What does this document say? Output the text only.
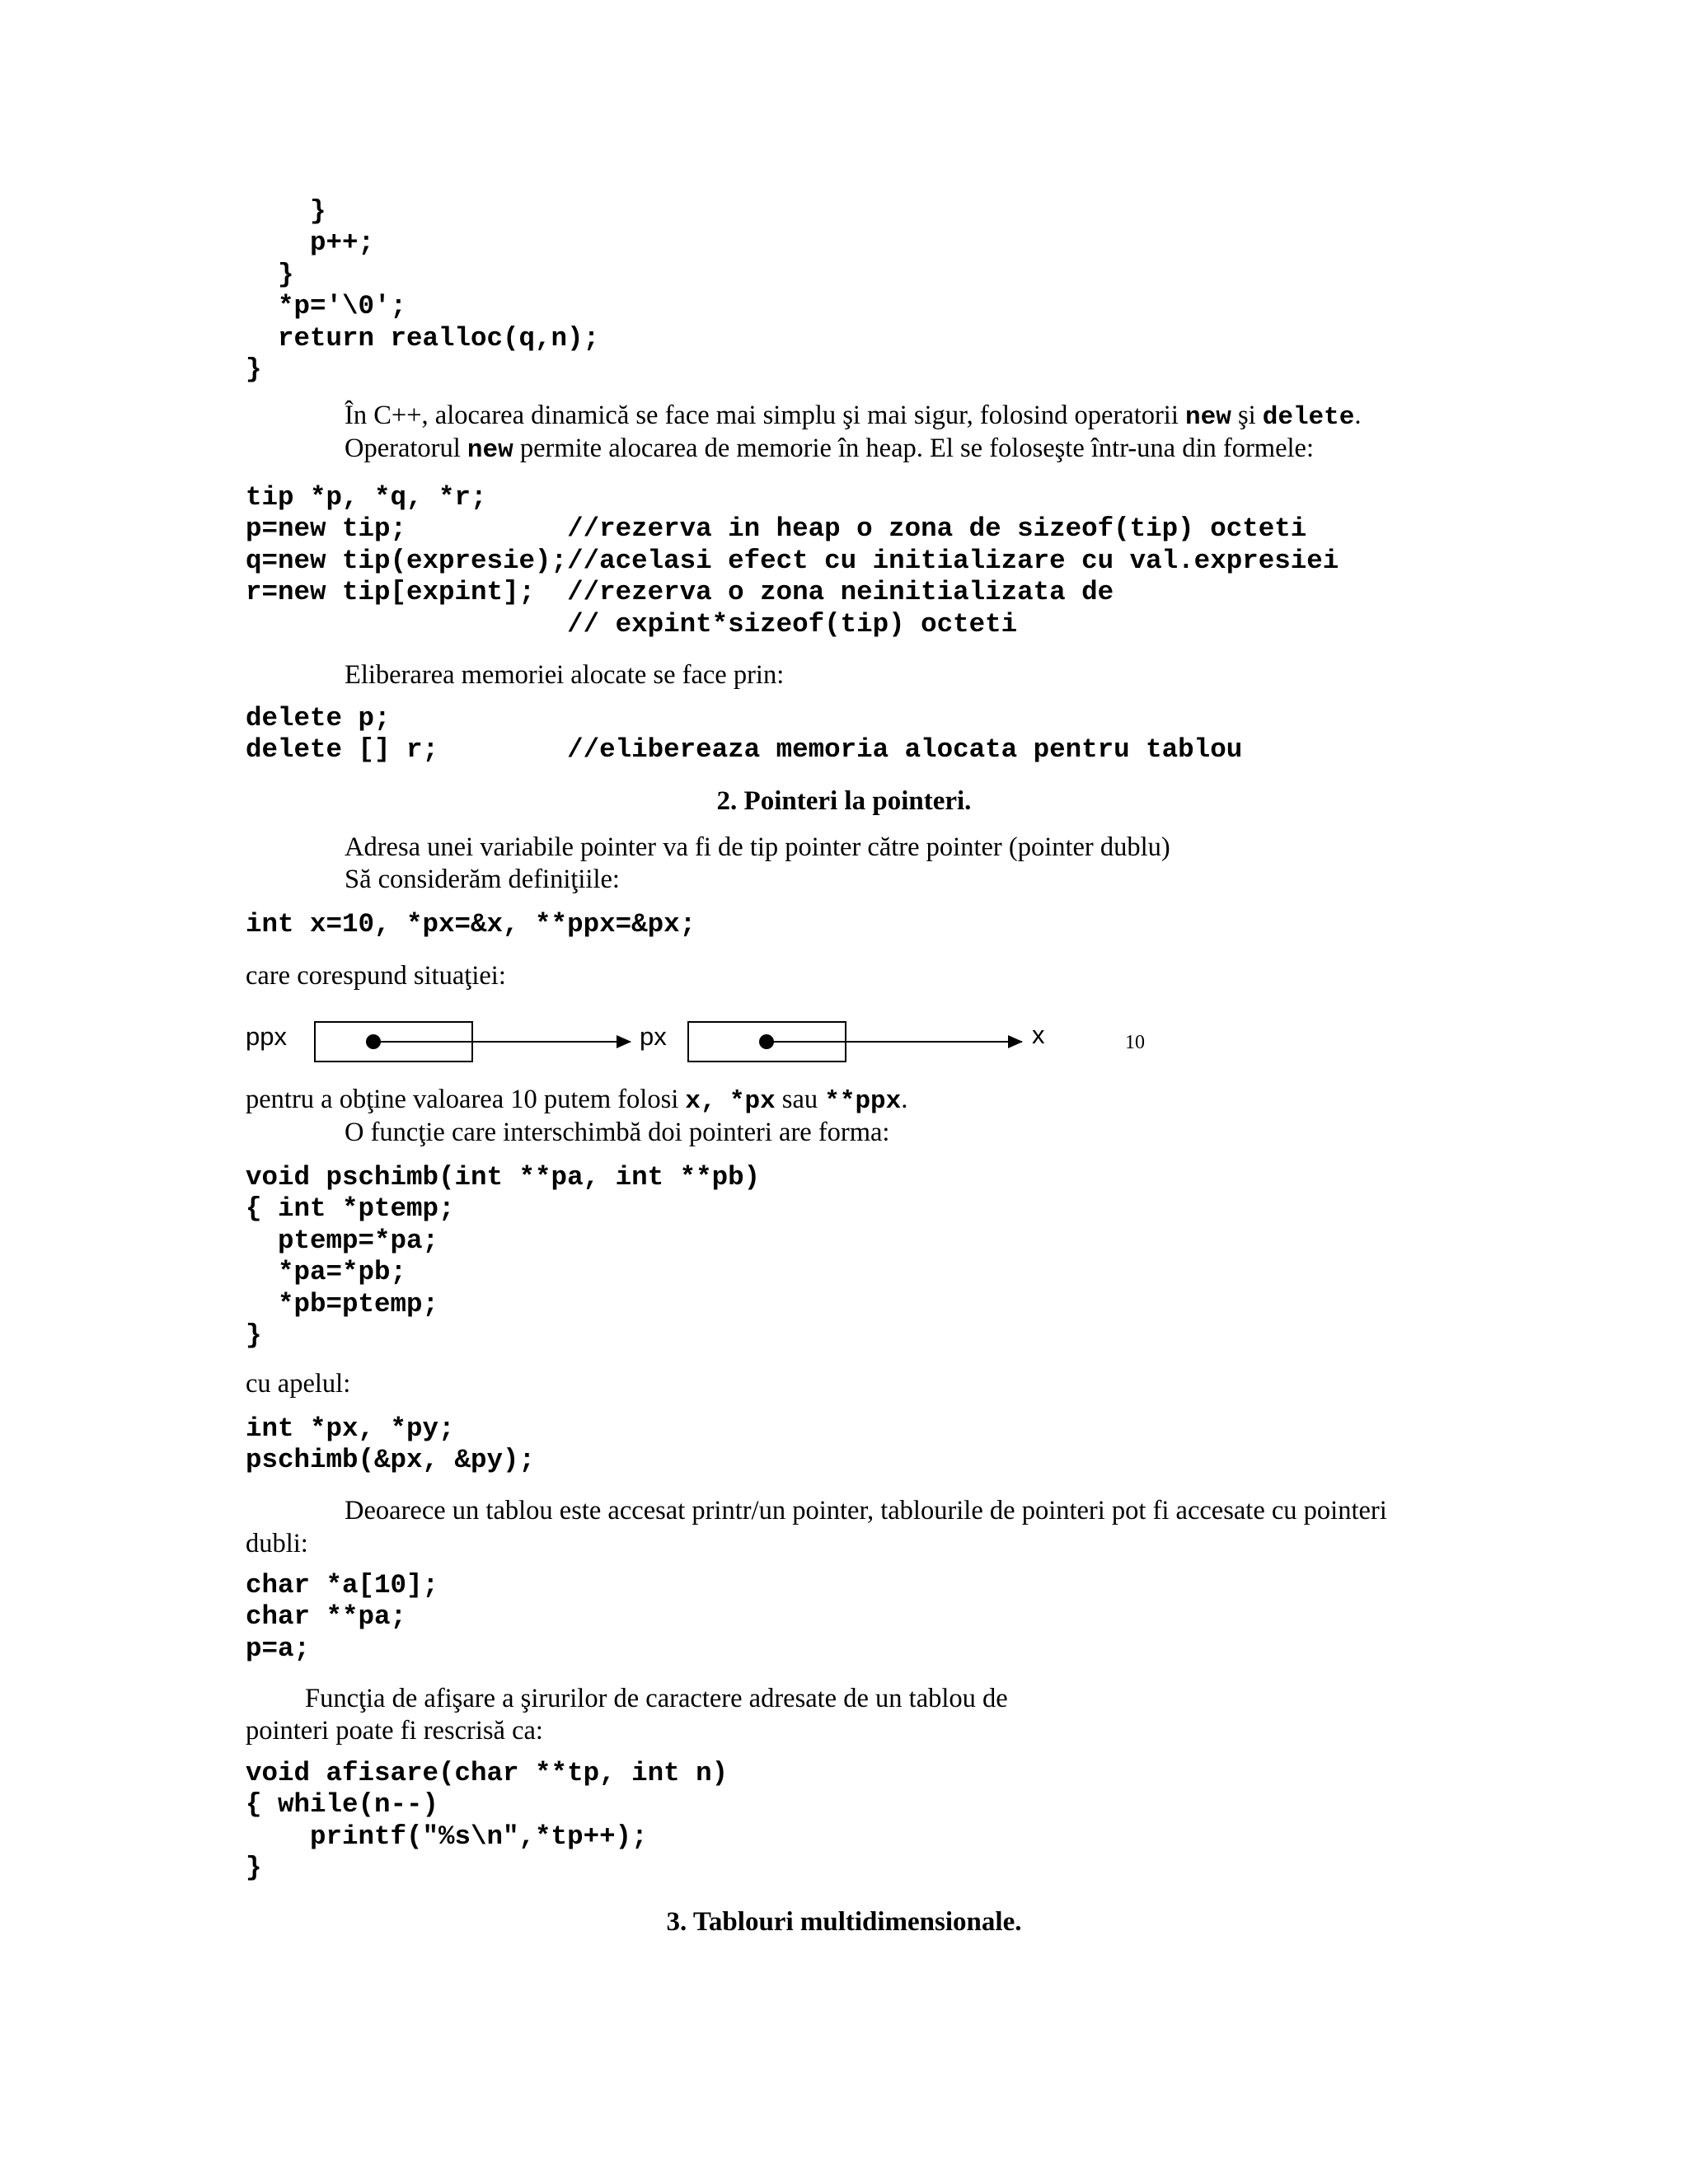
}
p++;
}
*p='\0';
return realloc(q,n);
}

În C++, alocarea dinamică se face mai simplu şi mai sigur, folosind operatorii new şi delete.

Operatorul new permite alocarea de memorie în heap. El se foloseşte într-una din formele:

tip *p, *q, *r;
p=new tip;          //rezerva in heap o zona de sizeof(tip) octeti
q=new tip(expresie);//acelasi efect cu initializare cu val.expresiei
r=new tip[expint];  //rezerva o zona neinitializata de
// expint*sizeof(tip) octeti

Eliberarea memoriei alocate se face prin:

delete p;
delete [] r;        //elibereaza memoria alocata pentru tablou

2. Pointeri la pointeri.

Adresa unei variabile pointer va fi de tip pointer către pointer (pointer dublu)

Să considerăm definiţiile:

int x=10, *px=&x, **ppx=&px;

care corespund situaţiei:

ppx	px	x	10

pentru a obţine valoarea 10 putem folosi x, *px sau **ppx.

O funcţie care interschimbă doi pointeri are forma:

void pschimb(int **pa, int **pb)
{ int *ptemp;
ptemp=*pa;
*pa=*pb;
*pb=ptemp;
}

cu apelul:

int *px, *py;
pschimb(&px, &py);

Deoarece un tablou este accesat printr/un pointer, tablourile de pointeri pot fi accesate cu pointeri

dubli:

char *a[10];
char **pa;
p=a;

Funcţia de afişare a şirurilor de caractere adresate de un tablou de

pointeri poate fi rescrisă ca:

void afisare(char **tp, int n)
{ while(n--)
printf("%s\n",*tp++);
}

3. Tablouri multidimensionale.
